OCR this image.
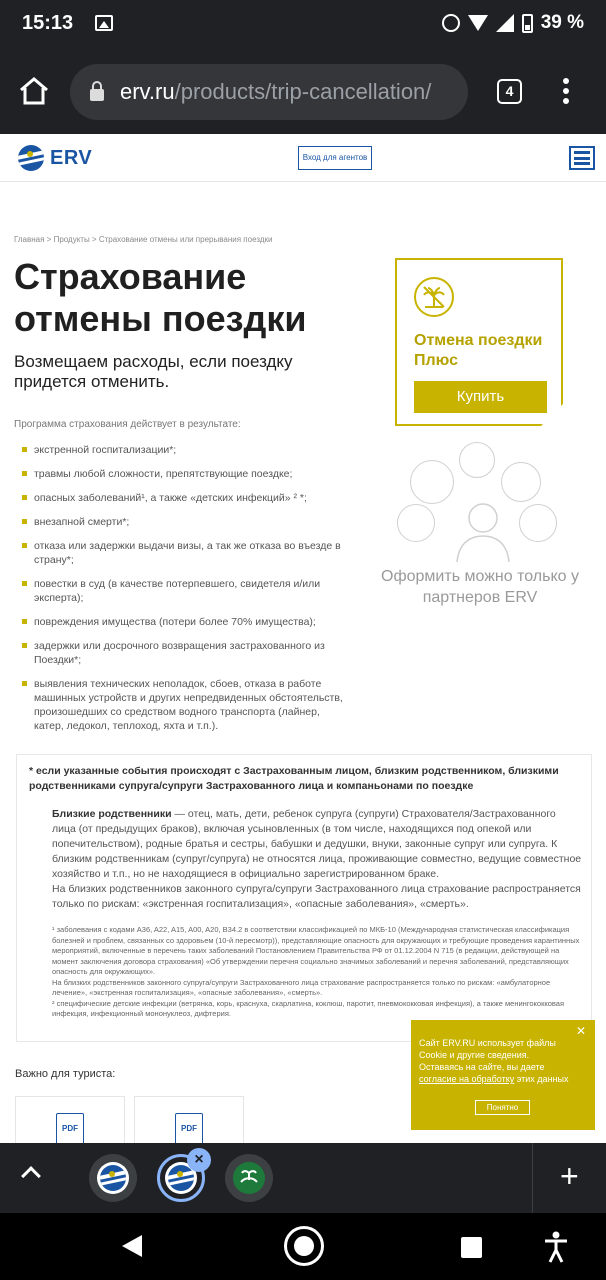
15:13	39 %
erv.ru /products/trip-cancellation/	4
ERV	Вход для агентов
Главная > Продукты > Страхование отмены или прерывания поездки
Страхование отмены поездки
Возмещаем расходы, если поездку придется отменить.
Программа страхования действует в результате:
экстренной госпитализации*;
травмы любой сложности, препятствующие поездке;
опасных заболеваний¹, а также «детских инфекций» ² *;
внезапной смерти*;
отказа или задержки выдачи визы, а так же отказа во въезде в страну*;
повестки в суд (в качестве потерпевшего, свидетеля и/или эксперта);
повреждения имущества (потери более 70% имущества);
задержки или досрочного возвращения застрахованного из Поездки*;
выявления технических неполадок, сбоев, отказа в работе машинных устройств и других непредвиденных обстоятельств, произошедших со средством водного транспорта (лайнер, катер, ледокол, теплоход, яхта и т.п.).
Отмена поездки Плюс
Купить
Оформить можно только у партнеров ERV
* если указанные события происходят с Застрахованным лицом, близким родственником, близкими родственниками супруга/супруги Застрахованного лица и компаньонами по поездке

Близкие родственники — отец, мать, дети, ребенок супруга (супруги) Страхователя/Застрахованного лица (от предыдущих браков), включая усыновленных (в том числе, находящихся под опекой или попечительством), родные братья и сестры, бабушки и дедушки, внуки, законные супруг или супруга. К близким родственникам (супруг/супруга) не относятся лица, проживающие совместно, ведущие совместное хозяйство и т.п., но не находящиеся в официально зарегистрированном браке.

На близких родственников законного супруга/супруги Застрахованного лица страхование распространяется только по рискам: «экстренная госпитализация», «опасные заболевания», «смерть».

¹ заболевания с кодами A36, A22, A15, A00, A20, B34.2 в соответствии классификацией по МКБ-10 (Международная статистическая классификация болезней и проблем, связанных со здоровьем (10-й пересмотр)), представляющие опасность для окружающих и требующие проведения карантинных мероприятий, включенные в перечень таких заболеваний Постановлением Правительства РФ от 01.12.2004 N 715 (в редакции, действующей на момент заключения договора страхования) «Об утверждении перечня социально значимых заболеваний и перечня заболеваний, представляющих опасность для окружающих».

На близких родственников законного супруга/супруги Застрахованного лица страхование распространяется только по рискам: «амбулаторное лечение», «экстренная госпитализация», «опасные заболевания», «смерть».

² специфические детские инфекции (ветрянка, корь, краснуха, скарлатина, коклюш, паротит, пневмококковая инфекция), а также менингококковая инфекция, инфекционный мононуклеоз, дифтерия.

Важно для туриста:
PDF	PDF
✕
Сайт ERV.RU использует файлы Cookie и другие сведения. Оставаясь на сайте, вы даете согласие на обработку этих данных
Понятно
×	+
